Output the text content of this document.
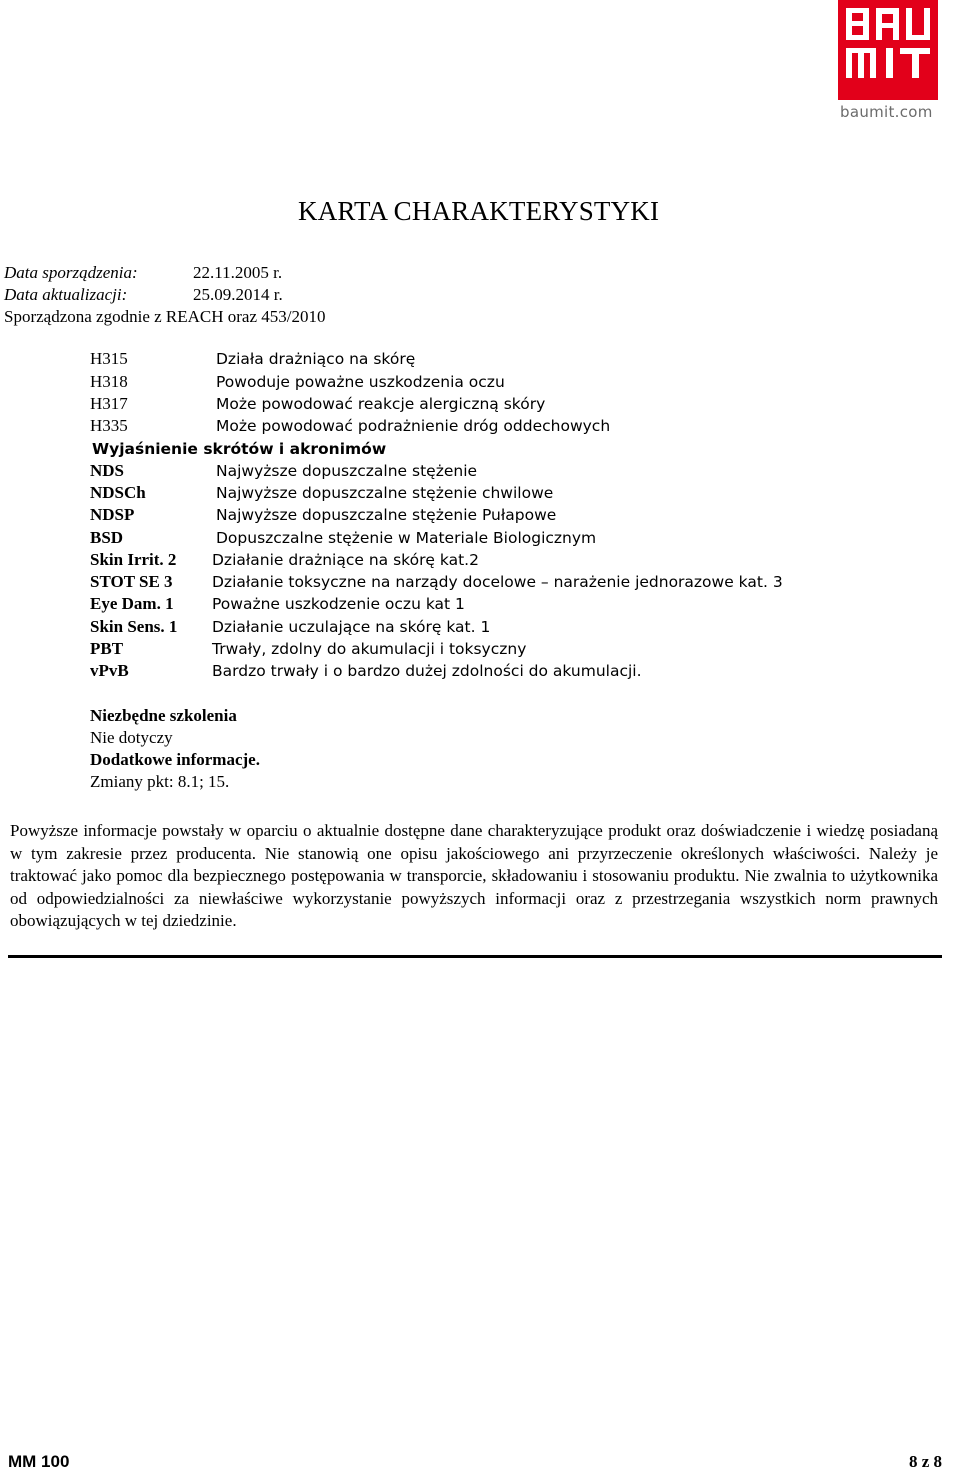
baumit.com
KARTA CHARAKTERYSTYKI
Data sporządzenia:	22.11.2005 r.
Data aktualizacji:	25.09.2014 r.
Sporządzona zgodnie z REACH oraz 453/2010
H315	Działa drażniąco na skórę
H318	Powoduje poważne uszkodzenia oczu
H317	Może powodować reakcje alergiczną skóry
H335	Może powodować podrażnienie dróg oddechowych
Wyjaśnienie skrótów i akronimów
NDS	Najwyższe dopuszczalne stężenie
NDSCh	Najwyższe dopuszczalne stężenie chwilowe
NDSP	Najwyższe dopuszczalne stężenie Pułapowe
BSD	Dopuszczalne stężenie w Materiale Biologicznym
Skin Irrit. 2 Działanie drażniące na skórę kat.2
STOT SE 3	Działanie toksyczne na narządy docelowe – narażenie jednorazowe kat. 3
Eye Dam. 1 Poważne uszkodzenie oczu kat 1
Skin Sens. 1 Działanie uczulające na skórę kat. 1
PBT	Trwały, zdolny do akumulacji i toksyczny
vPvB	Bardzo trwały i o bardzo dużej zdolności do akumulacji.
Niezbędne szkolenia
Nie dotyczy
Dodatkowe informacje.
Zmiany pkt: 8.1; 15.
Powyższe informacje powstały w oparciu o aktualnie dostępne dane charakteryzujące produkt oraz doświadczenie i wiedzę posiadaną w tym zakresie przez producenta. Nie stanowią one opisu jakościowego ani przyrzeczenie określonych właściwości. Należy je traktować jako pomoc dla bezpiecznego postępowania w transporcie, składowaniu i stosowaniu produktu. Nie zwalnia to użytkownika od odpowiedzialności za niewłaściwe wykorzystanie powyższych informacji oraz z przestrzegania wszystkich norm prawnych obowiązujących w tej dziedzinie.
MM 100	8 z 8
